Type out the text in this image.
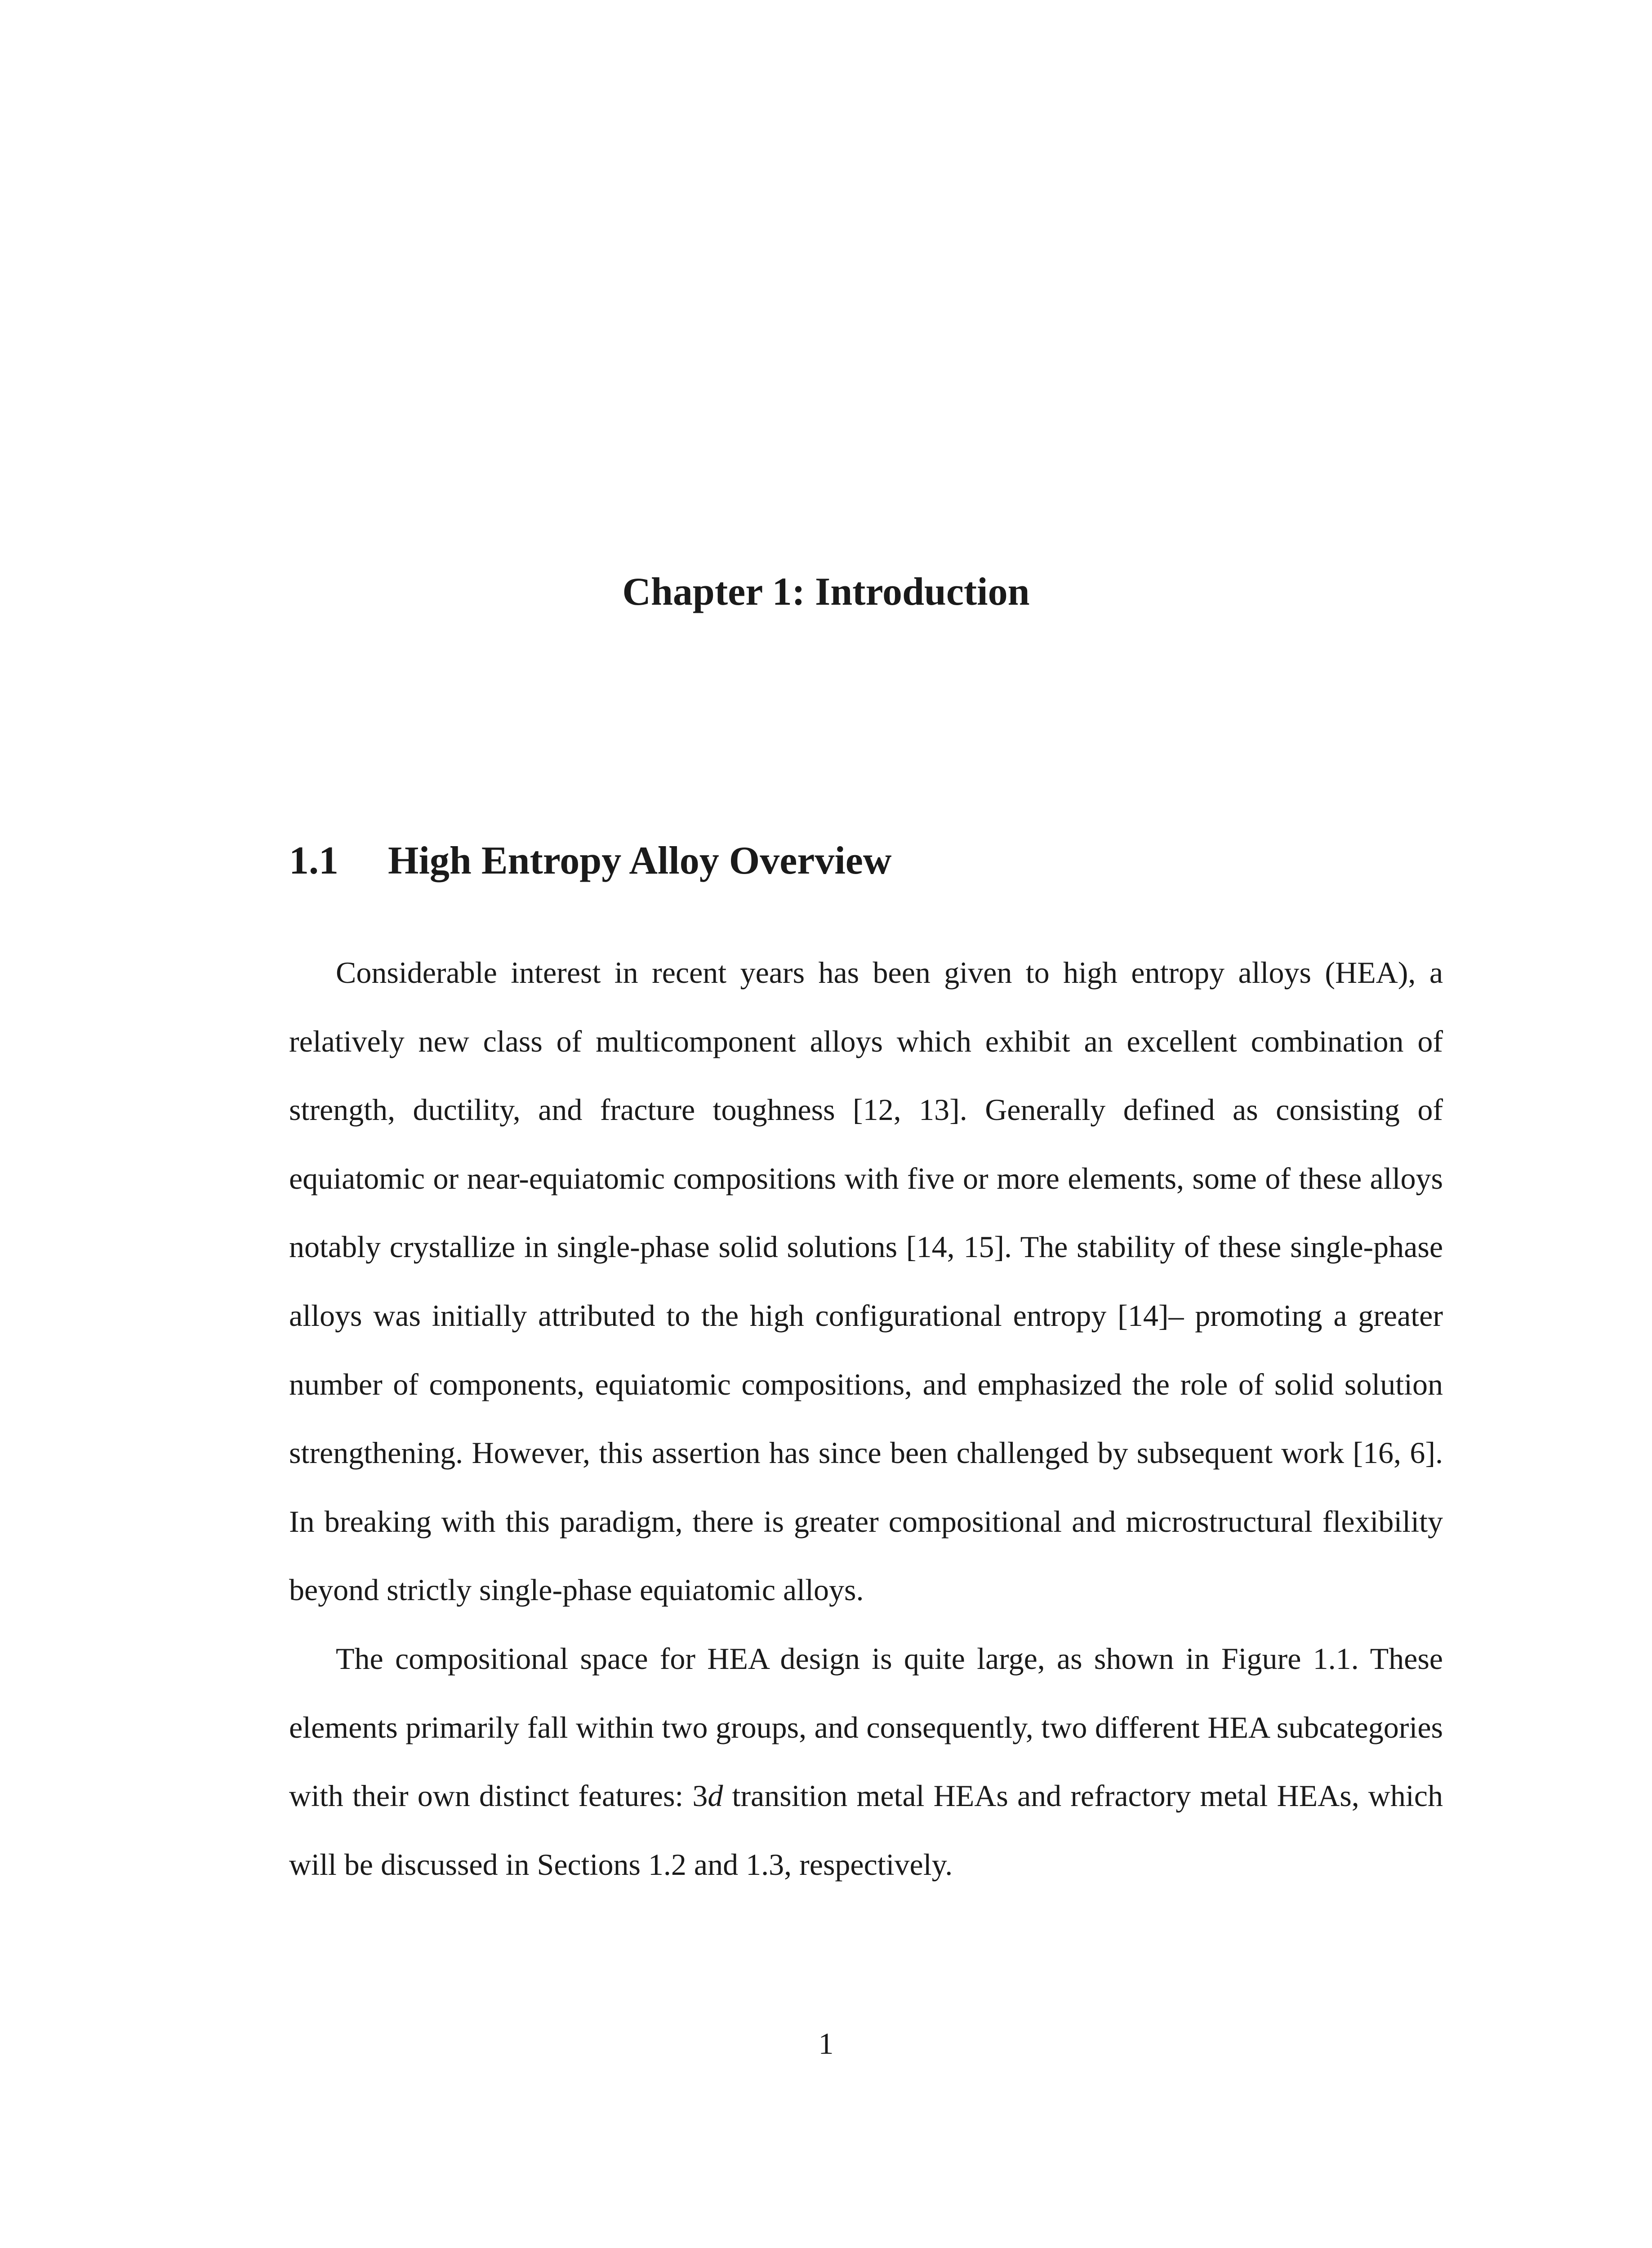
Chapter 1: Introduction
1.1 High Entropy Alloy Overview

Considerable interest in recent years has been given to high entropy alloys (HEA), a relatively new class of multicomponent alloys which exhibit an excellent combination of strength, ductility, and fracture toughness [12, 13]. Generally defined as consisting of equiatomic or near-equiatomic compositions with five or more elements, some of these alloys notably crystallize in single-phase solid solutions [14, 15]. The stability of these single-phase alloys was initially attributed to the high configurational entropy [14]– promoting a greater number of components, equiatomic compositions, and emphasized the role of solid solution strengthening. However, this assertion has since been challenged by subsequent work [16, 6]. In breaking with this paradigm, there is greater compositional and microstructural flexibility beyond strictly single-phase equiatomic alloys.

The compositional space for HEA design is quite large, as shown in Figure 1.1. These elements primarily fall within two groups, and consequently, two different HEA subcategories with their own distinct features: 3d transition metal HEAs and refractory metal HEAs, which will be discussed in Sections 1.2 and 1.3, respectively.

1
